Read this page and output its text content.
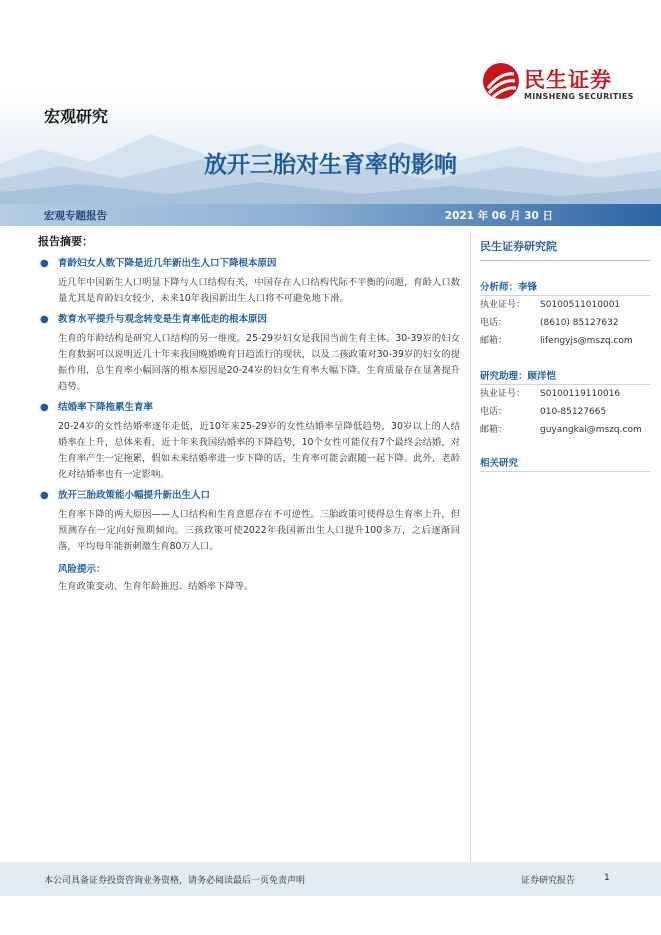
民生证券
MINSHENG SECURITIES
宏观研究
放开三胎对生育率的影响
宏观专题报告	2021 年 06 月 30 日
报告摘要：
● 育龄妇女人数下降是近几年新出生人口下降根本原因
近几年中国新生人口明显下降与人口结构有关，中国存在人口结构代际不平衡的问题，育龄人口数量尤其是育龄妇女较少，未来10年我国新出生人口将不可避免地下滑。
● 教育水平提升与观念转变是生育率低走的根本原因
生育的年龄结构是研究人口结构的另一维度。25-29岁妇女是我国当前生育主体。30-39岁的妇女生育数据可以说明近几十年来我国晚婚晚育日趋流行的现状，以及二孩政策对30-39岁的妇女的提振作用，总生育率小幅回落的根本原因是20-24岁的妇女生育率大幅下降。生育质量存在显著提升趋势。
● 结婚率下降拖累生育率
20-24岁的女性结婚率逐年走低，近10年来25-29岁的女性结婚率呈降低趋势，30岁以上的人结婚率在上升，总体来看，近十年来我国结婚率的下降趋势，10个女性可能仅有7个最终会结婚，对生育率产生一定拖累，假如未来结婚率进一步下降的话，生育率可能会跟随一起下降。此外，老龄化对结婚率也有一定影响。
● 放开三胎政策能小幅提升新出生人口
生育率下降的两大原因——人口结构和生育意愿存在不可逆性。三胎政策可使得总生育率上升，但预测存在一定向好预期倾向。三孩政策可使2022年我国新出生人口提升100多万，之后逐渐回落，平均每年能新刺激生育80万人口。
风险提示：
生育政策变动、生育年龄推迟、结婚率下降等。
民生证券研究院
分析师：李锋
执业证号：	S0100511010001
电话：	(8610) 85127632
邮箱：	lifengyjs@mszq.com
研究助理：顾洋恺
执业证号：	S0100119110016
电话：	010-85127665
邮箱：	guyangkai@mszq.com
相关研究
本公司具备证券投资咨询业务资格，请务必阅读最后一页免责声明	证券研究报告	1
